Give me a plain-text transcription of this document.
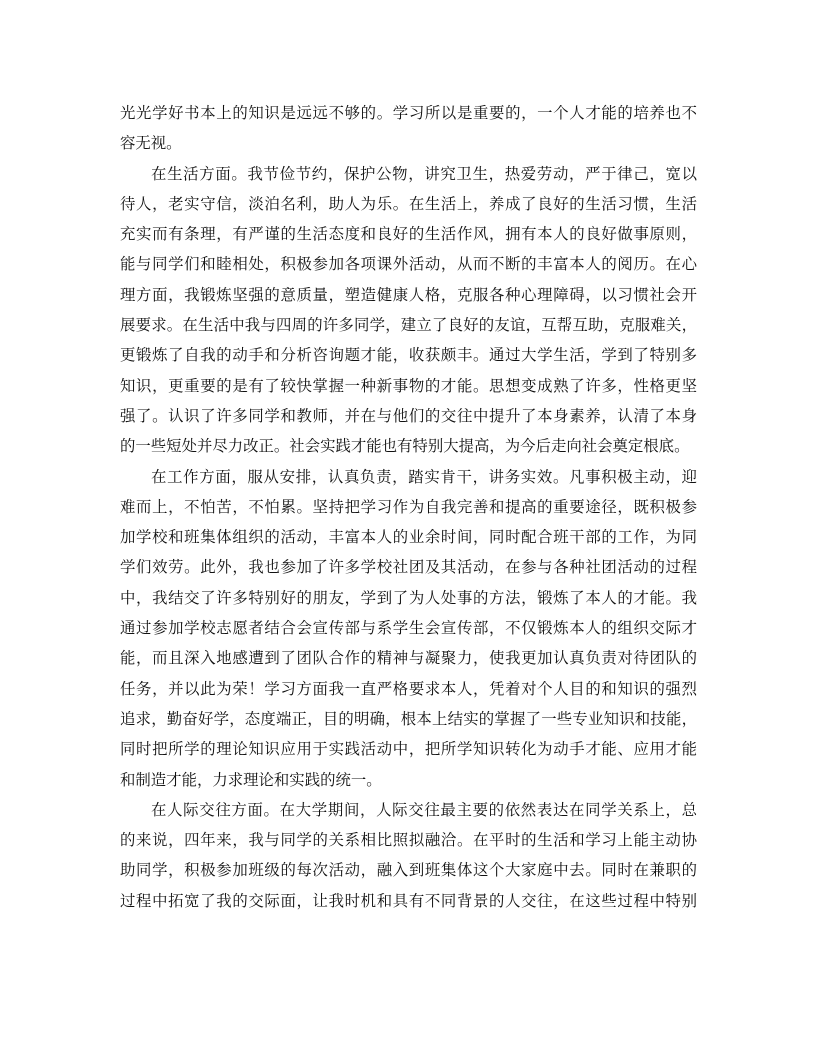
光光学好书本上的知识是远远不够的。学习所以是重要的，一个人才能的培养也不
容无视。
在生活方面。我节俭节约，保护公物，讲究卫生，热爱劳动，严于律己，宽以
待人，老实守信，淡泊名利，助人为乐。在生活上，养成了良好的生活习惯，生活
充实而有条理，有严谨的生活态度和良好的生活作风，拥有本人的良好做事原则，
能与同学们和睦相处，积极参加各项课外活动，从而不断的丰富本人的阅历。在心
理方面，我锻炼坚强的意质量，塑造健康人格，克服各种心理障碍，以习惯社会开
展要求。在生活中我与四周的许多同学，建立了良好的友谊，互帮互助，克服难关，
更锻炼了自我的动手和分析咨询题才能，收获颇丰。通过大学生活，学到了特别多
知识，更重要的是有了较快掌握一种新事物的才能。思想变成熟了许多，性格更坚
强了。认识了许多同学和教师，并在与他们的交往中提升了本身素养，认清了本身
的一些短处并尽力改正。社会实践才能也有特别大提高，为今后走向社会奠定根底。
在工作方面，服从安排，认真负责，踏实肯干，讲务实效。凡事积极主动，迎
难而上，不怕苦，不怕累。坚持把学习作为自我完善和提高的重要途径，既积极参
加学校和班集体组织的活动，丰富本人的业余时间，同时配合班干部的工作，为同
学们效劳。此外，我也参加了许多学校社团及其活动，在参与各种社团活动的过程
中，我结交了许多特别好的朋友，学到了为人处事的方法，锻炼了本人的才能。我
通过参加学校志愿者结合会宣传部与系学生会宣传部，不仅锻炼本人的组织交际才
能，而且深入地感遭到了团队合作的精神与凝聚力，使我更加认真负责对待团队的
任务，并以此为荣！学习方面我一直严格要求本人，凭着对个人目的和知识的强烈
追求，勤奋好学，态度端正，目的明确，根本上结实的掌握了一些专业知识和技能，
同时把所学的理论知识应用于实践活动中，把所学知识转化为动手才能、应用才能
和制造才能，力求理论和实践的统一。
在人际交往方面。在大学期间，人际交往最主要的依然表达在同学关系上，总
的来说，四年来，我与同学的关系相比照拟融洽。在平时的生活和学习上能主动协
助同学，积极参加班级的每次活动，融入到班集体这个大家庭中去。同时在兼职的
过程中拓宽了我的交际面，让我时机和具有不同背景的人交往，在这些过程中特别
